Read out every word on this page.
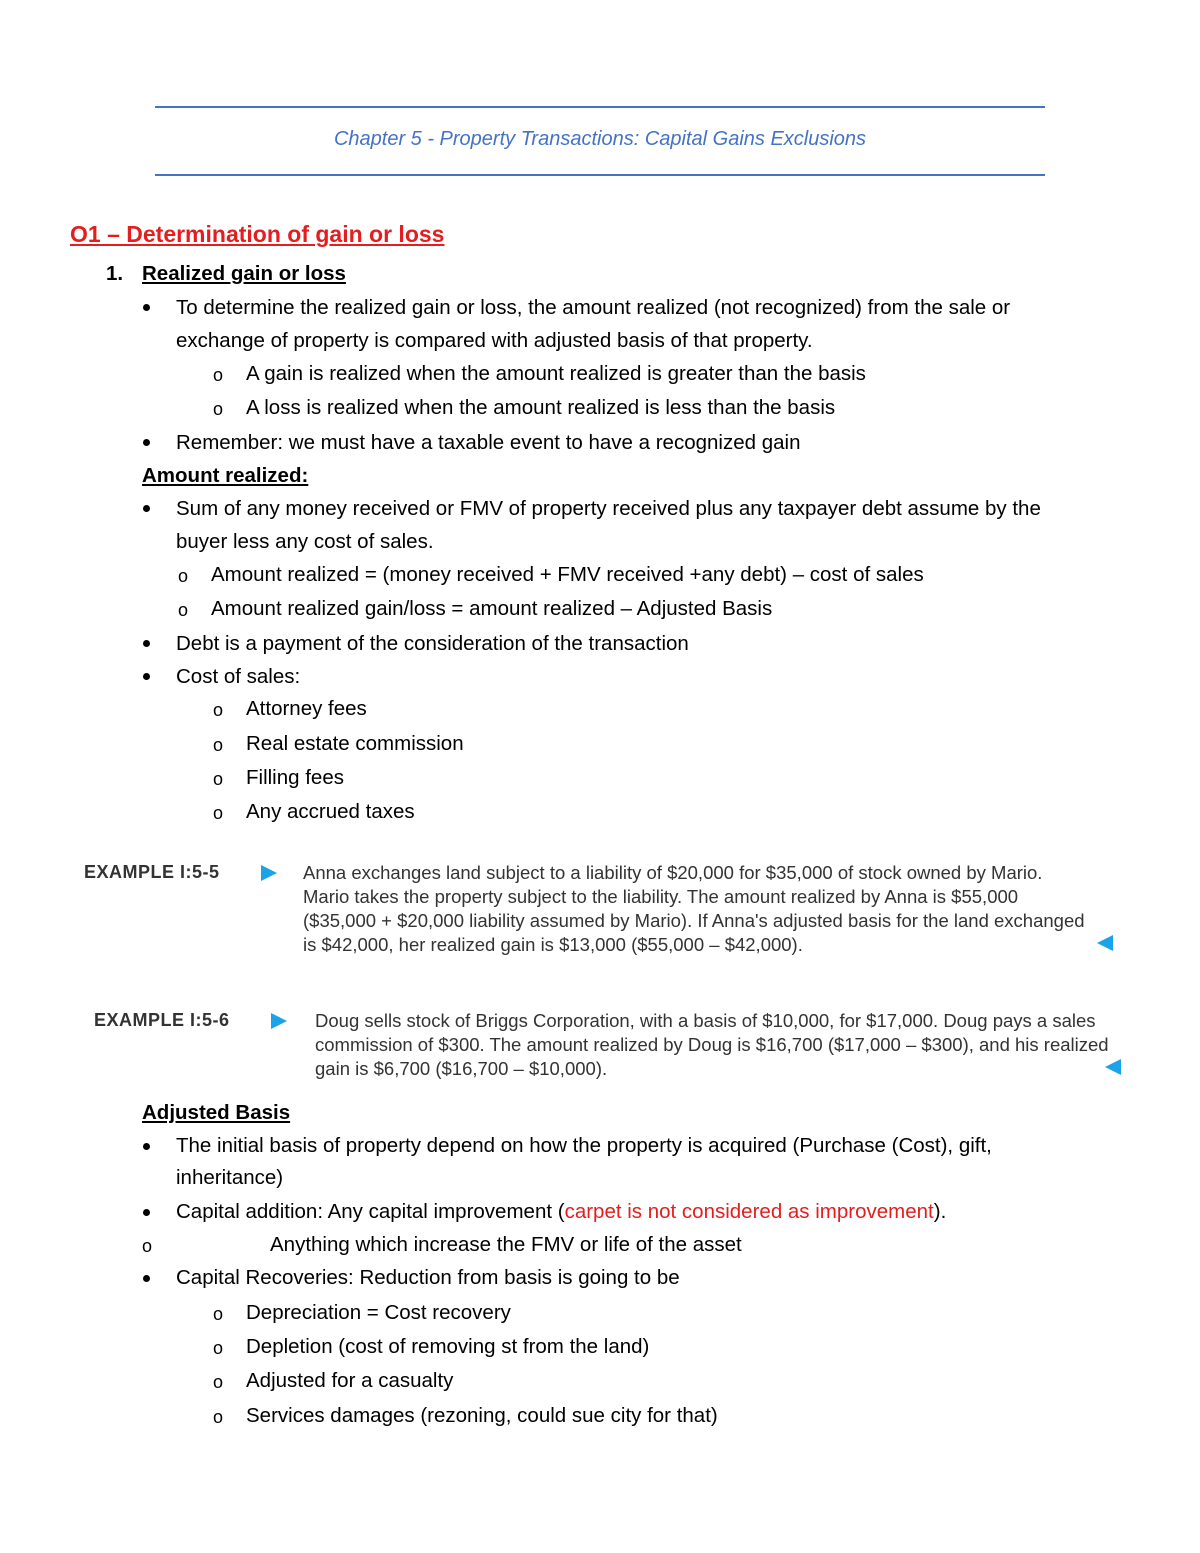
Chapter 5 - Property Transactions: Capital Gains Exclusions
O1 – Determination of gain or loss
1. Realized gain or loss
To determine the realized gain or loss, the amount realized (not recognized) from the sale or
exchange of property is compared with adjusted basis of that property.
o A gain is realized when the amount realized is greater than the basis
o A loss is realized when the amount realized is less than the basis
Remember: we must have a taxable event to have a recognized gain
Amount realized:
Sum of any money received or FMV of property received plus any taxpayer debt assume by the
buyer less any cost of sales.
o Amount realized = (money received + FMV received +any debt) – cost of sales
o Amount realized gain/loss = amount realized – Adjusted Basis
Debt is a payment of the consideration of the transaction
Cost of sales:
o Attorney fees
o Real estate commission
o Filling fees
o Any accrued taxes
EXAMPLE I:5-5	Anna exchanges land subject to a liability of $20,000 for $35,000 of stock owned by Mario.
Mario takes the property subject to the liability. The amount realized by Anna is $55,000
($35,000 + $20,000 liability assumed by Mario). If Anna's adjusted basis for the land exchanged
is $42,000, her realized gain is $13,000 ($55,000 – $42,000).
EXAMPLE I:5-6	Doug sells stock of Briggs Corporation, with a basis of $10,000, for $17,000. Doug pays a sales
commission of $300. The amount realized by Doug is $16,700 ($17,000 – $300), and his realized
gain is $6,700 ($16,700 – $10,000).
Adjusted Basis
The initial basis of property depend on how the property is acquired (Purchase (Cost), gift,
inheritance)
Capital addition: Any capital improvement (carpet is not considered as improvement).
o	Anything which increase the FMV or life of the asset
Capital Recoveries: Reduction from basis is going to be
o Depreciation = Cost recovery
o Depletion (cost of removing st from the land)
o Adjusted for a casualty
o Services damages (rezoning, could sue city for that)
